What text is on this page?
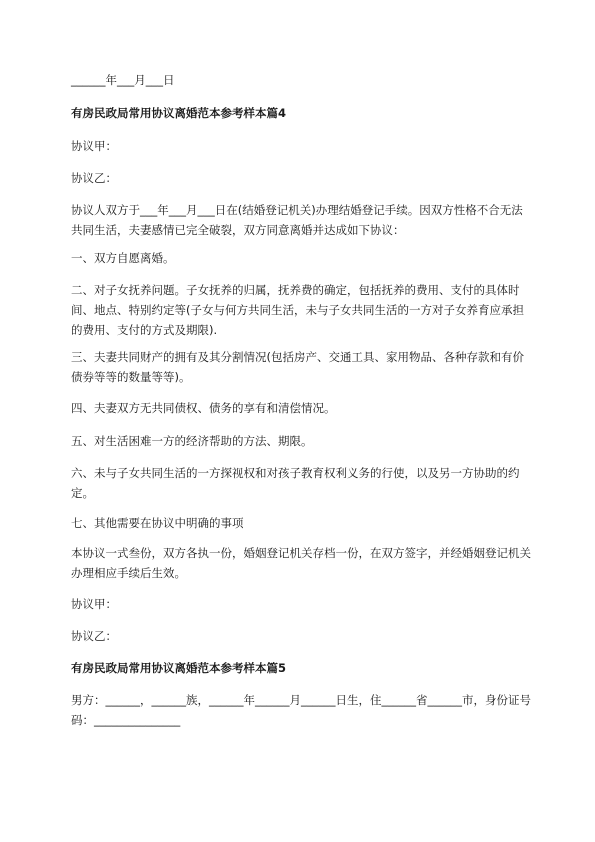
______年___月___日
有房民政局常用协议离婚范本参考样本篇4
协议甲：
协议乙：
协议人双方于___年___月___日在(结婚登记机关)办理结婚登记手续。因双方性格不合无法共同生活，夫妻感情已完全破裂，双方同意离婚并达成如下协议：
一、双方自愿离婚。
二、对子女抚养问题。子女抚养的归属，抚养费的确定，包括抚养的费用、支付的具体时间、地点、特别约定等(子女与何方共同生活，未与子女共同生活的一方对子女养育应承担的费用、支付的方式及期限).
三、夫妻共同财产的拥有及其分割情况(包括房产、交通工具、家用物品、各种存款和有价债券等等的数量等等)。
四、夫妻双方无共同债权、债务的享有和清偿情况。
五、对生活困难一方的经济帮助的方法、期限。
六、未与子女共同生活的一方探视权和对孩子教育权利义务的行使，以及另一方协助的约定。
七、其他需要在协议中明确的事项
本协议一式叁份，双方各执一份，婚姻登记机关存档一份，在双方签字，并经婚姻登记机关办理相应手续后生效。
协议甲：
协议乙：
有房民政局常用协议离婚范本参考样本篇5
男方：______，______族，______年______月______日生，住______省______市，身份证号码：_______________
